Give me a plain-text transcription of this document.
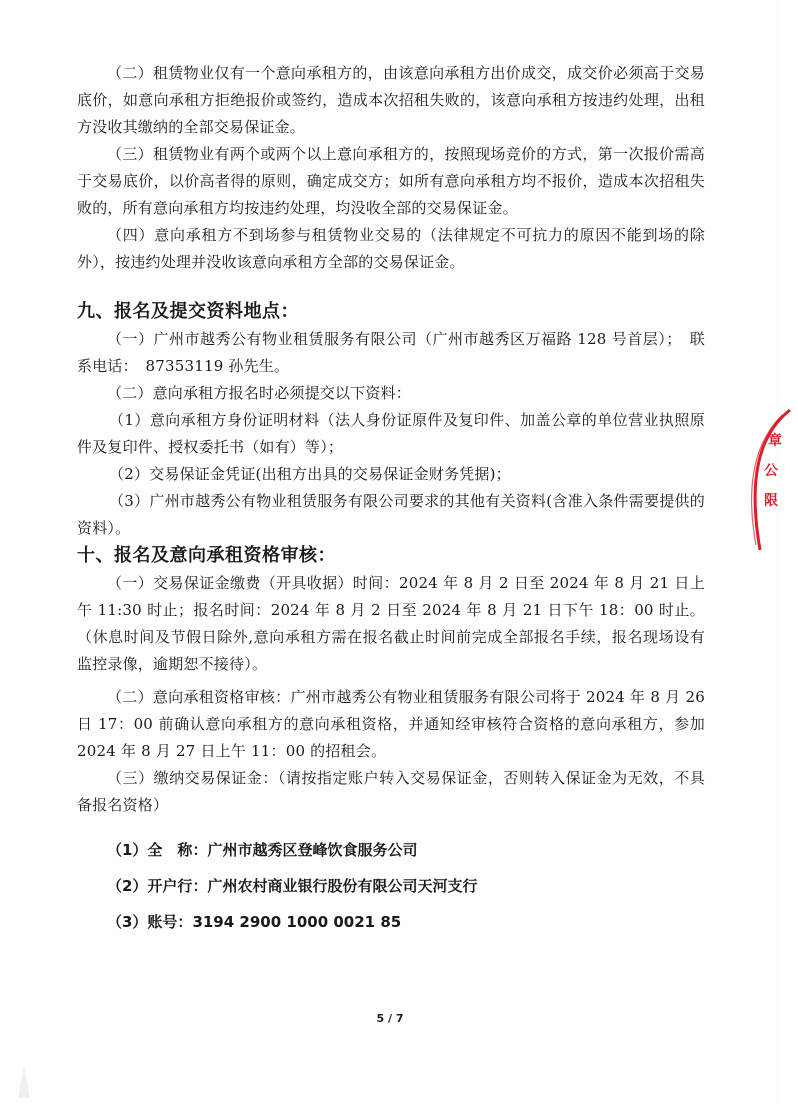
（二）租赁物业仅有一个意向承租方的，由该意向承租方出价成交，成交价必须高于交易底价，如意向承租方拒绝报价或签约，造成本次招租失败的，该意向承租方按违约处理，出租方没收其缴纳的全部交易保证金。

（三）租赁物业有两个或两个以上意向承租方的，按照现场竞价的方式，第一次报价需高于交易底价，以价高者得的原则，确定成交方；如所有意向承租方均不报价，造成本次招租失败的，所有意向承租方均按违约处理，均没收全部的交易保证金。

（四）意向承租方不到场参与租赁物业交易的（法律规定不可抗力的原因不能到场的除外），按违约处理并没收该意向承租方全部的交易保证金。

九、报名及提交资料地点：

（一）广州市越秀公有物业租赁服务有限公司（广州市越秀区万福路 128 号首层）；　联系电话：　87353119 孙先生。

（二）意向承租方报名时必须提交以下资料：

（1）意向承租方身份证明材料（法人身份证原件及复印件、加盖公章的单位营业执照原件及复印件、授权委托书（如有）等）；

（2）交易保证金凭证(出租方出具的交易保证金财务凭据)；

（3）广州市越秀公有物业租赁服务有限公司要求的其他有关资料(含准入条件需要提供的资料）。

十、报名及意向承租资格审核：

（一）交易保证金缴费（开具收据）时间：2024 年 8 月 2 日至 2024 年 8 月 21 日上午 11:30 时止；报名时间：2024 年 8 月 2 日至 2024 年 8 月 21 日下午 18：00 时止。（休息时间及节假日除外,意向承租方需在报名截止时间前完成全部报名手续，报名现场设有监控录像，逾期恕不接待）。

（二）意向承租资格审核：广州市越秀公有物业租赁服务有限公司将于 2024 年 8 月 26 日 17：00 前确认意向承租方的意向承租资格，并通知经审核符合资格的意向承租方，参加 2024 年 8 月 27 日上午 11：00 的招租会。

（三）缴纳交易保证金：（请按指定账户转入交易保证金，否则转入保证金为无效，不具备报名资格）

（1）全　称：广州市越秀区登峰饮食服务公司
（2）开户行：广州农村商业银行股份有限公司天河支行
（3）账号：3194 2900 1000 0021 85
5 / 7
章 公 限
